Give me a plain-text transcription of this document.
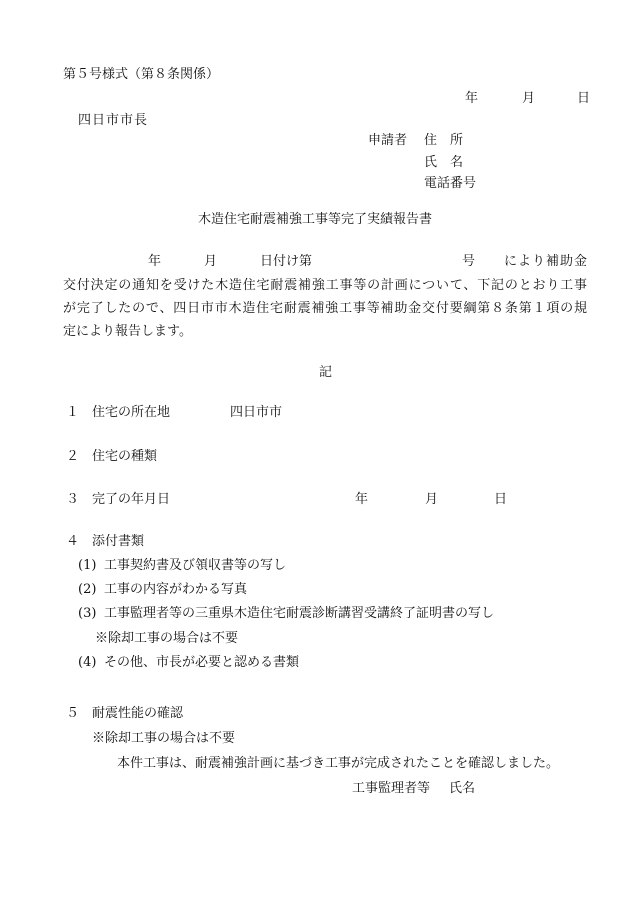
第５号様式（第８条関係）
年	月	日
四日市市長
申請者 住　所
氏　名
電話番号
木造住宅耐震補強工事等完了実績報告書
年	月	日付け第	号 により補助金
交付決定の通知を受けた木造住宅耐震補強工事等の計画について、下記のとおり工事
が完了したので、四日市市木造住宅耐震補強工事等補助金交付要綱第８条第１項の規
定により報告します。
記
１ 住宅の所在地	四日市市
２ 住宅の種類
３ 完了の年月日	年	月	日
４ 添付書類
(1) 工事契約書及び領収書等の写し
(2) 工事の内容がわかる写真
(3) 工事監理者等の三重県木造住宅耐震診断講習受講終了証明書の写し
※除却工事の場合は不要
(4) その他、市長が必要と認める書類
５ 耐震性能の確認
※除却工事の場合は不要
本件工事は、耐震補強計画に基づき工事が完成されたことを確認しました。
工事監理者等 氏名
